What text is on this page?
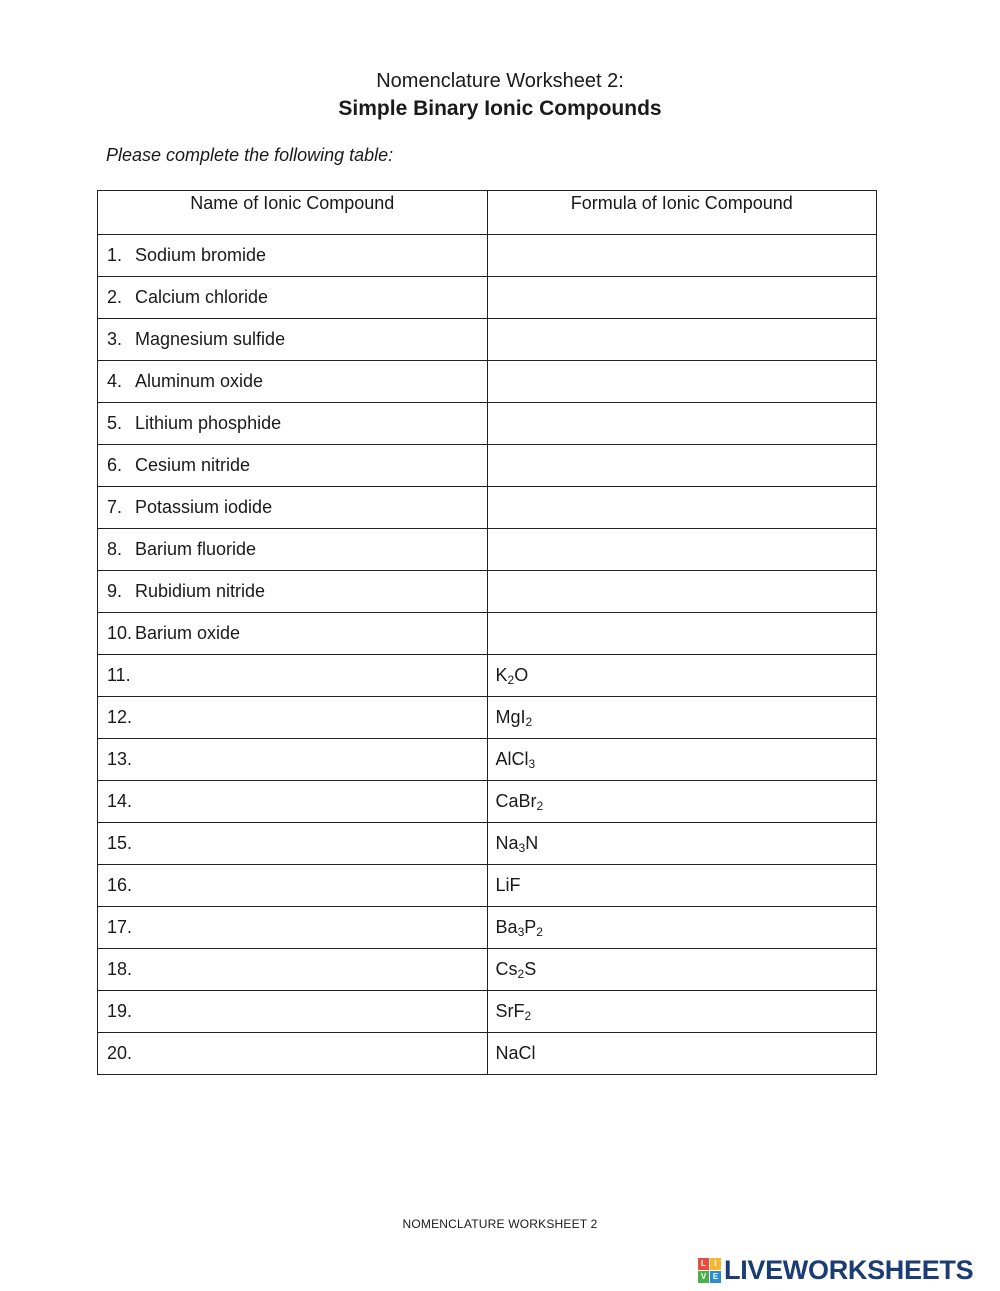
Nomenclature Worksheet 2:
Simple Binary Ionic Compounds
Please complete the following table:
Name of Ionic Compound	Formula of Ionic Compound

1. Sodium bromide	

2. Calcium chloride	

3. Magnesium sulfide	

4. Aluminum oxide	

5. Lithium phosphide	

6. Cesium nitride	

7. Potassium iodide	

8. Barium fluoride	

9. Rubidium nitride	

10. Barium oxide	

11.	$K_2O$

12.	MgI$_2$

13.	AlCl$_3$

14.	CaBr$_2$

15.	$Na_3N$

16.	LiF

17.	$Ba_3P_2$

18.	$Cs_2S$

19.	SrF$_2$

20.	NaCl
NOMENCLATURE WORKSHEET 2
L	I
V E LIVEWORKSHEETS
